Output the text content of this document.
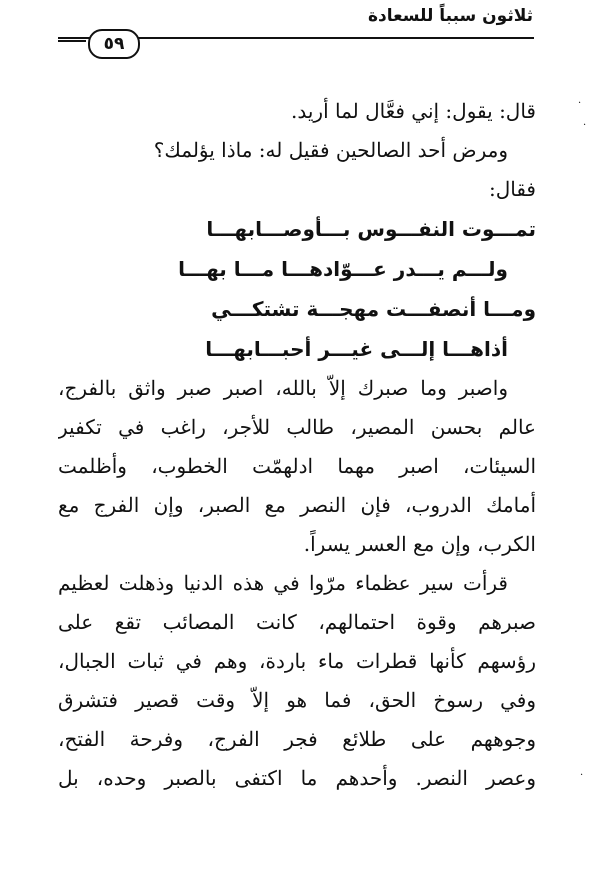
ثلاثون سبباً للسعادة
٥٩
قال: يقول: إني فعَّال لما أريد.
ومرض أحد الصالحين فقيل له: ماذا يؤلمك؟
فقال:
تمـــوت النفـــوس بـــأوصـــابهـــا
ولـــم يـــدر عـــوّادهـــا مـــا بهـــا
ومـــا أنصفـــت مهجـــة تشتكـــي
أذاهـــا إلـــى غيـــر أحبـــابهـــا
واصبر وما صبرك إلاّ بالله، اصبر صبر واثق بالفرج،
عالم بحسن المصير، طالب للأجر، راغب في تكفير
السيئات، اصبر مهما ادلهمّت الخطوب، وأظلمت
أمامك الدروب، فإن النصر مع الصبر، وإن الفرج مع
الكرب، وإن مع العسر يسراً.
قرأت سير عظماء مرّوا في هذه الدنيا وذهلت لعظيم
صبرهم وقوة احتمالهم، كانت المصائب تقع على
رؤسهم كأنها قطرات ماء باردة، وهم في ثبات الجبال،
وفي رسوخ الحق، فما هو إلاّ وقت قصير فتشرق
وجوههم على طلائع فجر الفرج، وفرحة الفتح،
وعصر النصر. وأحدهم ما اكتفى بالصبر وحده، بل
·
·
·
